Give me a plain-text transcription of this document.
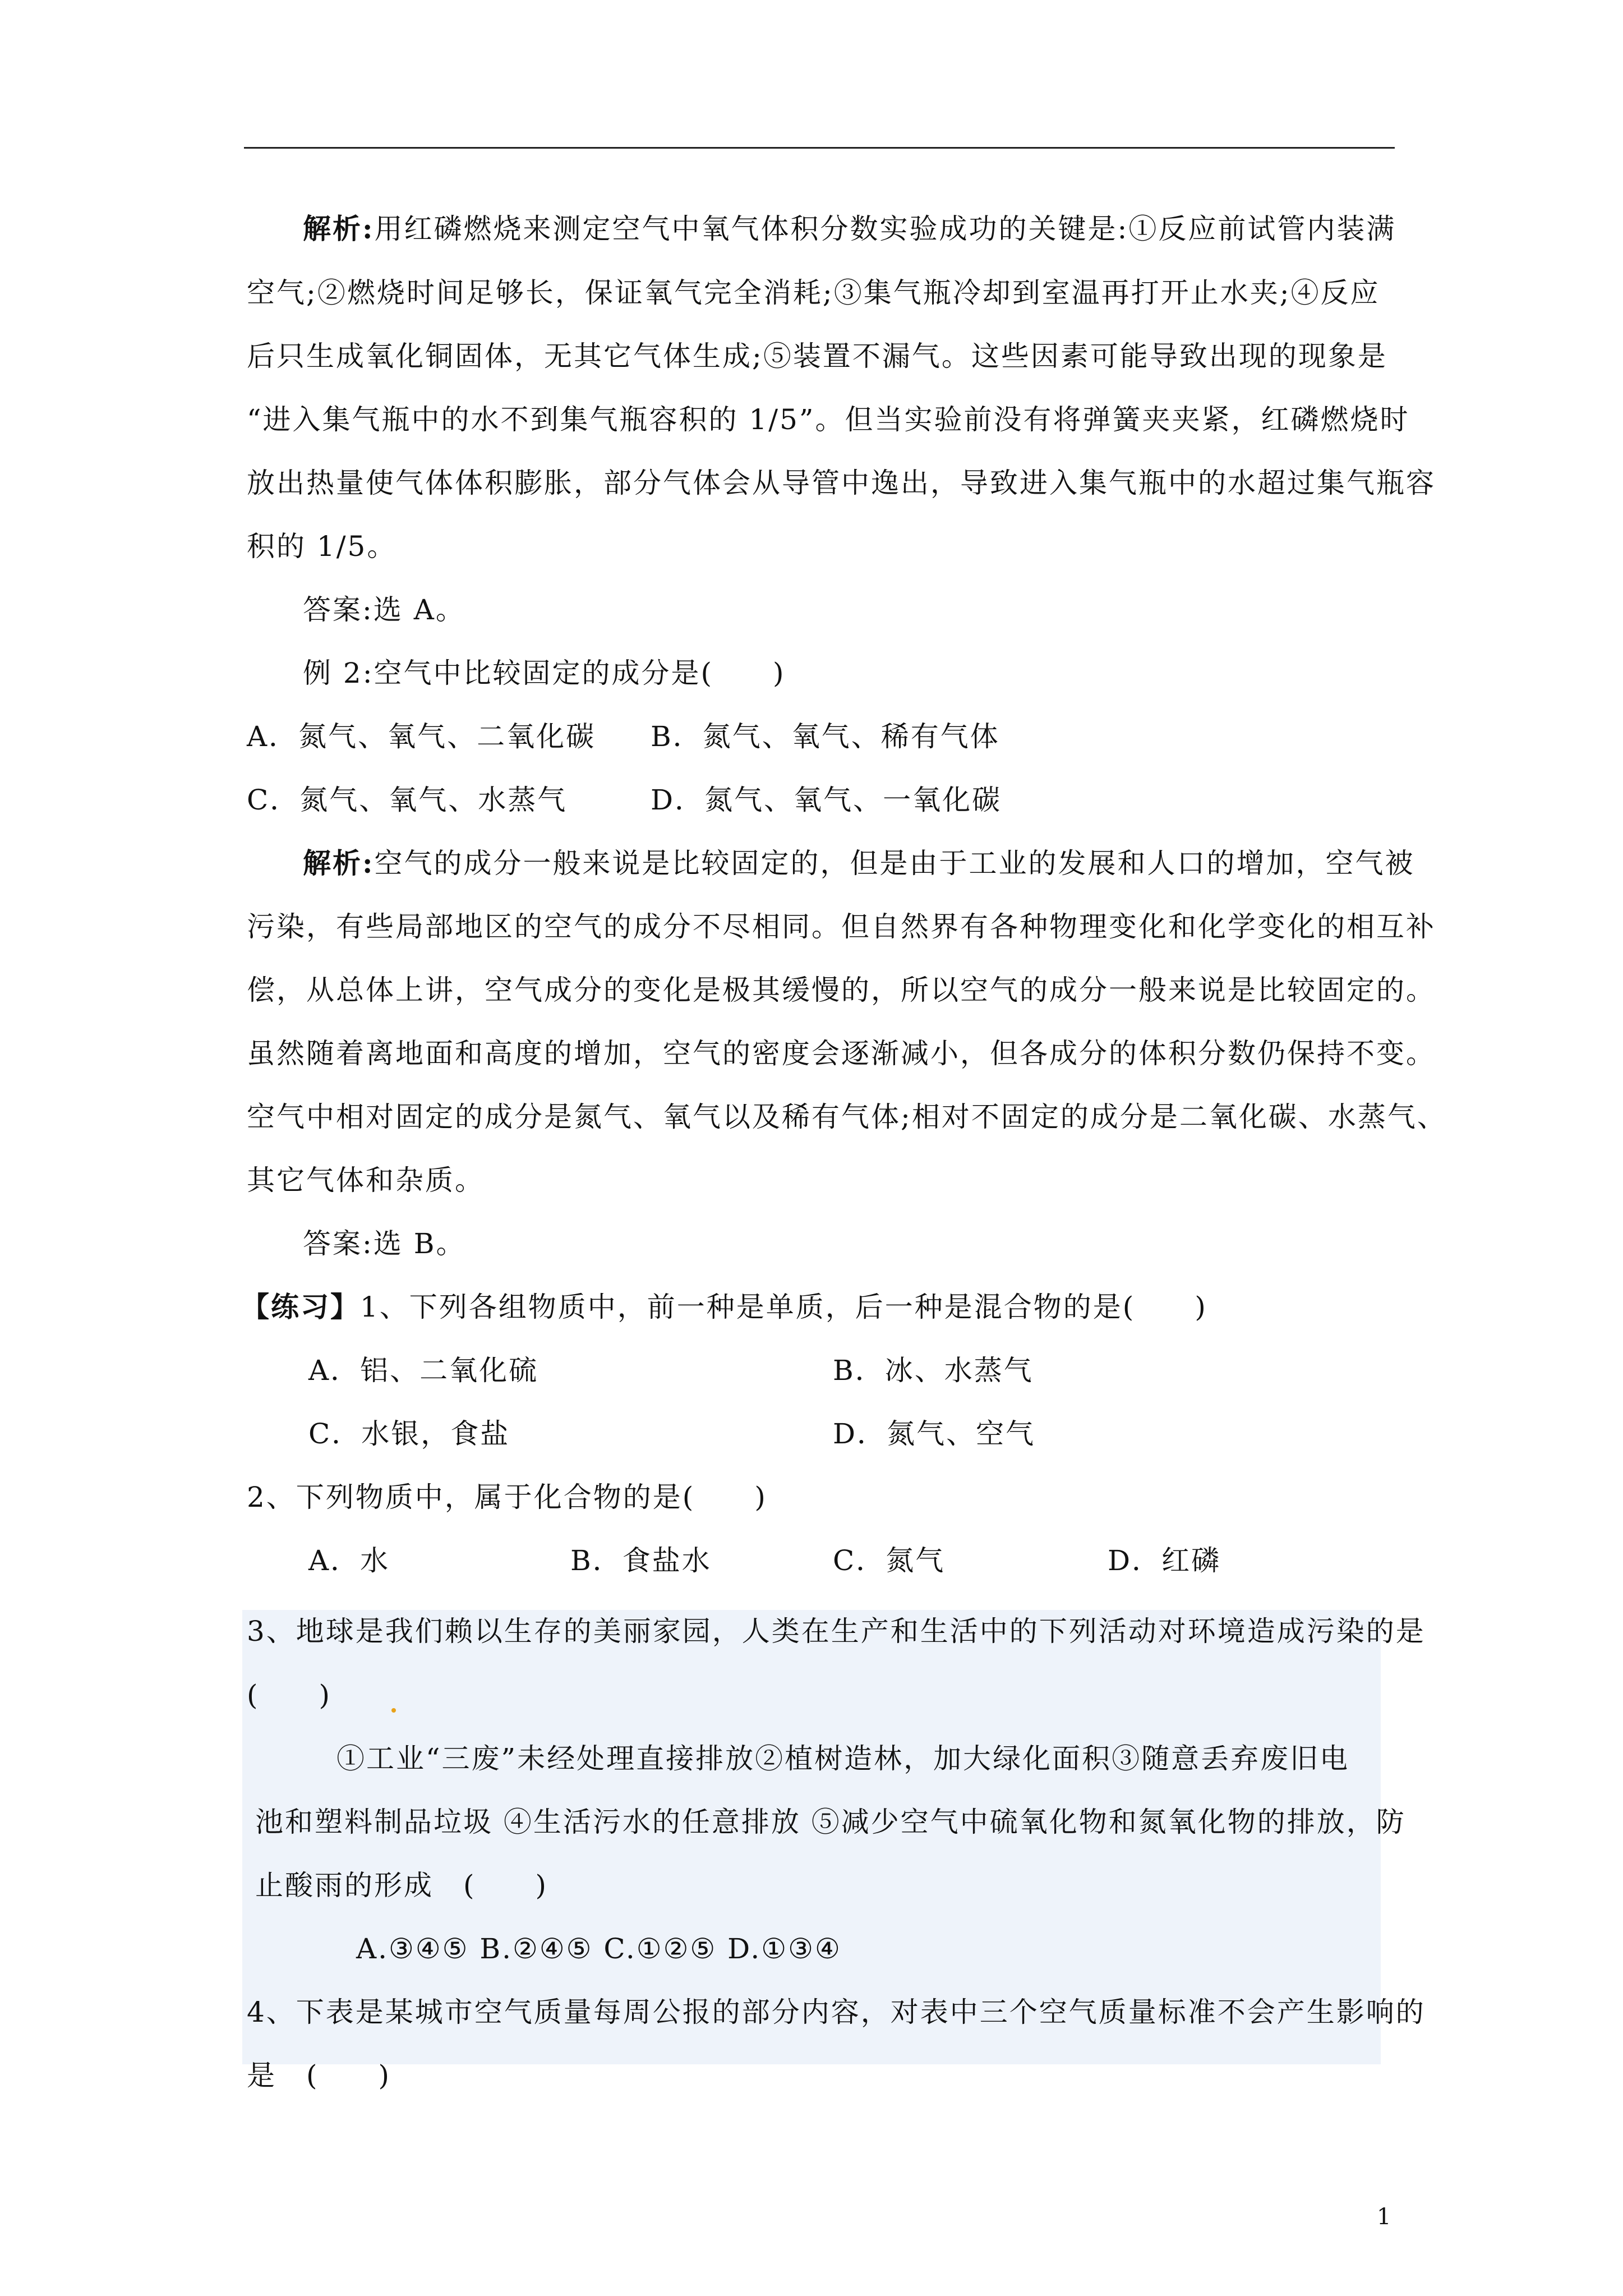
解析:用红磷燃烧来测定空气中氧气体积分数实验成功的关键是:①反应前试管内装满
空气;②燃烧时间足够长，保证氧气完全消耗;③集气瓶冷却到室温再打开止水夹;④反应
后只生成氧化铜固体，无其它气体生成;⑤装置不漏气。这些因素可能导致出现的现象是
“进入集气瓶中的水不到集气瓶容积的 1/5”。但当实验前没有将弹簧夹夹紧，红磷燃烧时
放出热量使气体体积膨胀，部分气体会从导管中逸出，导致进入集气瓶中的水超过集气瓶容
积的 1/5。
答案:选 A。
例 2:空气中比较固定的成分是(　　)
A．氮气、氧气、二氧化碳 B．氮气、氧气、稀有气体
C．氮气、氧气、水蒸气	D．氮气、氧气、一氧化碳
解析:空气的成分一般来说是比较固定的，但是由于工业的发展和人口的增加，空气被
污染，有些局部地区的空气的成分不尽相同。但自然界有各种物理变化和化学变化的相互补
偿，从总体上讲，空气成分的变化是极其缓慢的，所以空气的成分一般来说是比较固定的。
虽然随着离地面和高度的增加，空气的密度会逐渐减小，但各成分的体积分数仍保持不变。
空气中相对固定的成分是氮气、氧气以及稀有气体;相对不固定的成分是二氧化碳、水蒸气、
其它气体和杂质。
答案:选 B。
【练习】1、下列各组物质中，前一种是单质，后一种是混合物的是(　　)
A．铝、二氧化硫	B．冰、水蒸气
C．水银，食盐	D．氮气、空气
2、下列物质中，属于化合物的是(　　)
A．水	B．食盐水	C．氮气	D．红磷
3、地球是我们赖以生存的美丽家园，人类在生产和生活中的下列活动对环境造成污染的是
(　　)
①工业“三废”未经处理直接排放②植树造林，加大绿化面积③随意丢弃废旧电
池和塑料制品垃圾 ④生活污水的任意排放 ⑤减少空气中硫氧化物和氮氧化物的排放，防
止酸雨的形成　(　　)
A.③④⑤ B.②④⑤ C.①②⑤ D.①③④
4、下表是某城市空气质量每周公报的部分内容，对表中三个空气质量标准不会产生影响的
是　(　　)
1
